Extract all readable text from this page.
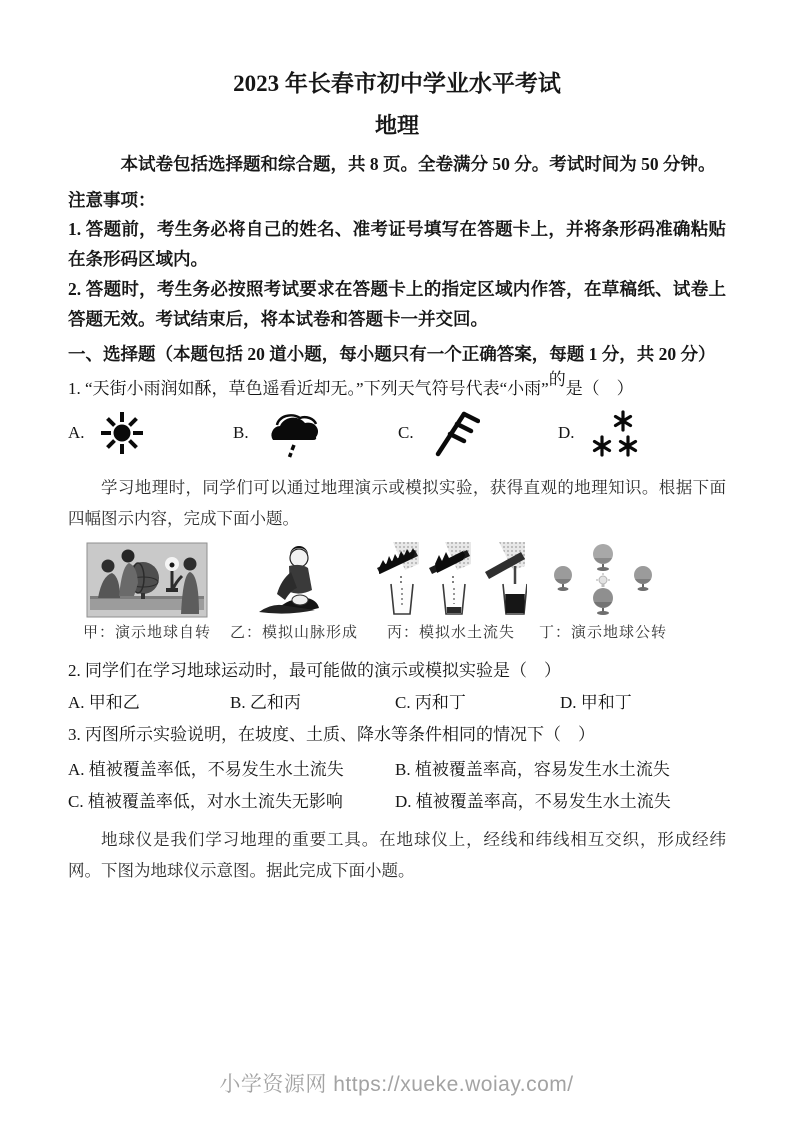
2023 年长春市初中学业水平考试
地理
本试卷包括选择题和综合题，共 8 页。全卷满分 50 分。考试时间为 50 分钟。
注意事项：
1. 答题前，考生务必将自己的姓名、准考证号填写在答题卡上，并将条形码准确粘贴在条形码区域内。
2. 答题时，考生务必按照考试要求在答题卡上的指定区域内作答，在草稿纸、试卷上答题无效。考试结束后，将本试卷和答题卡一并交回。
一、选择题（本题包括 20 道小题，每小题只有一个正确答案，每题 1 分，共 20 分）
1. “天街小雨润如酥，草色遥看近却无。”下列天气符号代表“小雨”的是（　）
A.	B.	C.	D.
学习地理时，同学们可以通过地理演示或模拟实验，获得直观的地理知识。根据下面四幅图示内容，完成下面小题。
甲：演示地球自转 乙：模拟山脉形成 丙：模拟水土流失 丁：演示地球公转
2. 同学们在学习地球运动时，最可能做的演示或模拟实验是（　）
A. 甲和乙	B. 乙和丙	C. 丙和丁	D. 甲和丁
3. 丙图所示实验说明，在坡度、土质、降水等条件相同的情况下（　）
A. 植被覆盖率低，不易发生水土流失	B. 植被覆盖率高，容易发生水土流失
C. 植被覆盖率低，对水土流失无影响	D. 植被覆盖率高，不易发生水土流失
地球仪是我们学习地理的重要工具。在地球仪上，经线和纬线相互交织，形成经纬网。下图为地球仪示意图。据此完成下面小题。
小学资源网 https://xueke.woiay.com/
